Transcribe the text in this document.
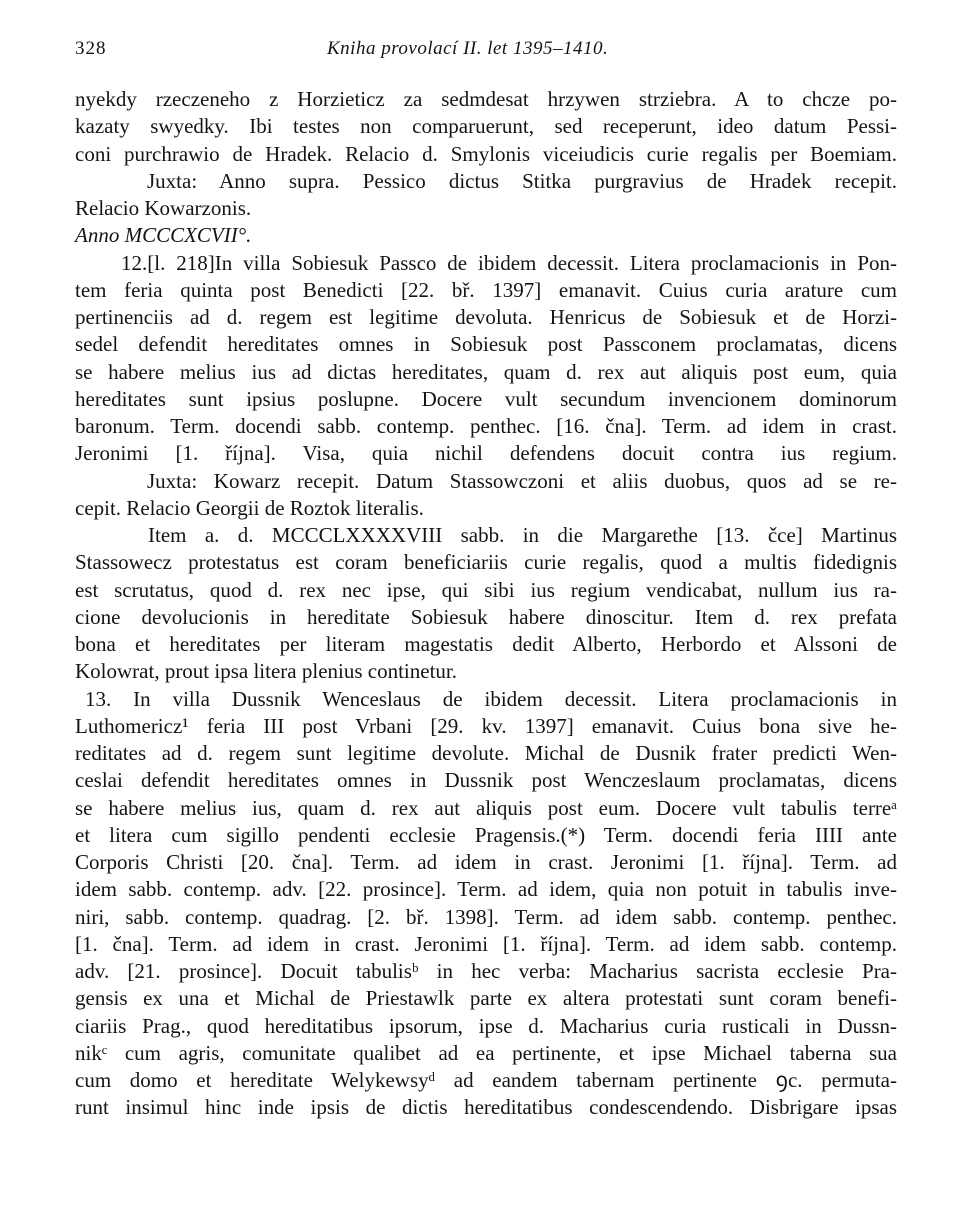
328	Kniha provolací II. let 1395–1410.
nyekdy rzeczeneho z Horzieticz za sedmdesat hrzywen strziebra. A to chcze po-
kazaty swyedky. Ibi testes non comparuerunt, sed receperunt, ideo datum Pessi-
coni purchrawio de Hradek. Relacio d. Smylonis viceiudicis curie regalis per Boemiam.
Juxta: Anno supra. Pessico dictus Stitka purgravius de Hradek recepit.
Relacio Kowarzonis.
Anno MCCCXCVII°.
12.[l. 218]In villa Sobiesuk Passco de ibidem decessit. Litera proclamacionis in Pon-
tem feria quinta post Benedicti [22. bř. 1397] emanavit. Cuius curia arature cum
pertinenciis ad d. regem est legitime devoluta. Henricus de Sobiesuk et de Horzi-
sedel defendit hereditates omnes in Sobiesuk post Passconem proclamatas, dicens
se habere melius ius ad dictas hereditates, quam d. rex aut aliquis post eum, quia
hereditates sunt ipsius poslupne. Docere vult secundum invencionem dominorum
baronum. Term. docendi sabb. contemp. penthec. [16. čna]. Term. ad idem in crast.
Jeronimi [1. října]. Visa, quia nichil defendens docuit contra ius regium.
Juxta: Kowarz recepit. Datum Stassowczoni et aliis duobus, quos ad se re-
cepit. Relacio Georgii de Roztok literalis.
Item a. d. MCCCLXXXXVIII sabb. in die Margarethe [13. čce] Martinus
Stassowecz protestatus est coram beneficiariis curie regalis, quod a multis fidedignis
est scrutatus, quod d. rex nec ipse, qui sibi ius regium vendicabat, nullum ius ra-
cione devolucionis in hereditate Sobiesuk habere dinoscitur. Item d. rex prefata
bona et hereditates per literam magestatis dedit Alberto, Herbordo et Alssoni de
Kolowrat, prout ipsa litera plenius continetur.
13. In villa Dussnik Wenceslaus de ibidem decessit. Litera proclamacionis in
Luthomericz¹ feria III post Vrbani [29. kv. 1397] emanavit. Cuius bona sive he-
reditates ad d. regem sunt legitime devolute. Michal de Dusnik frater predicti Wen-
ceslai defendit hereditates omnes in Dussnik post Wenczeslaum proclamatas, dicens
se habere melius ius, quam d. rex aut aliquis post eum. Docere vult tabulis terreᵃ
et litera cum sigillo pendenti ecclesie Pragensis.(*) Term. docendi feria IIII ante
Corporis Christi [20. čna]. Term. ad idem in crast. Jeronimi [1. října]. Term. ad
idem sabb. contemp. adv. [22. prosince]. Term. ad idem, quia non potuit in tabulis inve-
niri, sabb. contemp. quadrag. [2. bř. 1398]. Term. ad idem sabb. contemp. penthec.
[1. čna]. Term. ad idem in crast. Jeronimi [1. října]. Term. ad idem sabb. contemp.
adv. [21. prosince]. Docuit tabulisᵇ in hec verba: Macharius sacrista ecclesie Pra-
gensis ex una et Michal de Priestawlk parte ex altera protestati sunt coram benefi-
ciariis Prag., quod hereditatibus ipsorum, ipse d. Macharius curia rusticali in Dussn-
nikᶜ cum agris, comunitate qualibet ad ea pertinente, et ipse Michael taberna sua
cum domo et hereditate Welykewsyᵈ ad eandem tabernam pertinente ꝯc. permuta-
runt insimul hinc inde ipsis de dictis hereditatibus condescendendo. Disbrigare ipsas
